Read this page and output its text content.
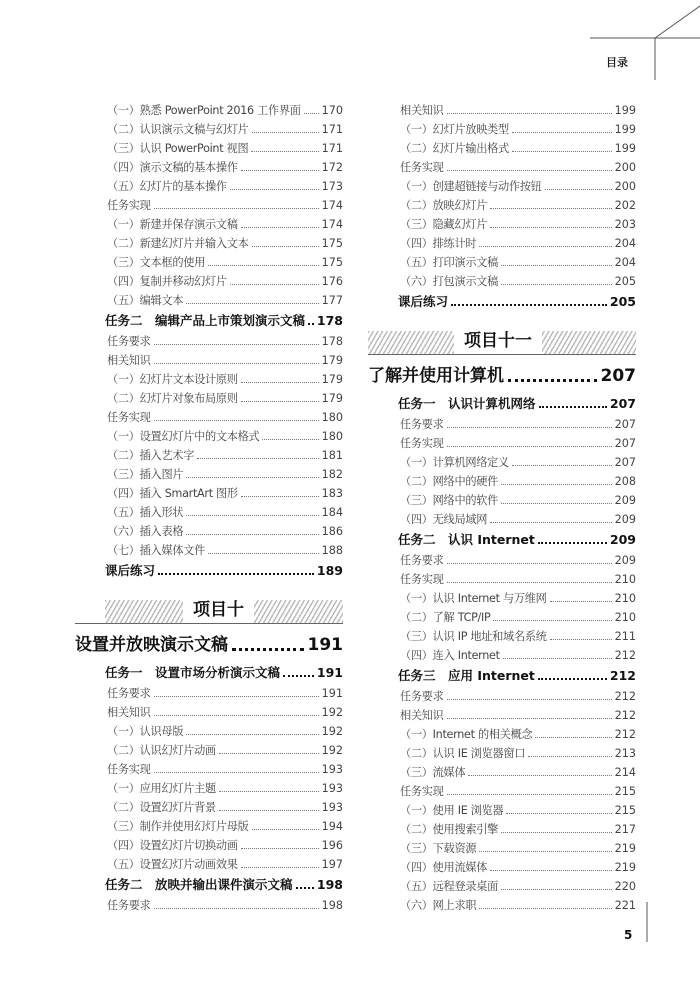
目录
（一）熟悉 PowerPoint 2016 工作界面 170
（二）认识演示文稿与幻灯片	171
（三）认识 PowerPoint 视图	171
（四）演示文稿的基本操作	172
（五）幻灯片的基本操作	173
任务实现	174
（一）新建并保存演示文稿	174
（二）新建幻灯片并输入文本	175
（三）文本框的使用	175
（四）复制并移动幻灯片	176
（五）编辑文本	177
任务二　编辑产品上市策划演示文稿 178
任务要求	178
相关知识	179
（一）幻灯片文本设计原则	179
（二）幻灯片对象布局原则	179
任务实现	180
（一）设置幻灯片中的文本格式	180
（二）插入艺术字	181
（三）插入图片	182
（四）插入 SmartArt 图形	183
（五）插入形状	184
（六）插入表格	186
（七）插入媒体文件	188
课后练习	189
项目十
设置并放映演示文稿	191
任务一　设置市场分析演示文稿	191
任务要求	191
相关知识	192
（一）认识母版	192
（二）认识幻灯片动画	192
任务实现	193
（一）应用幻灯片主题	193
（二）设置幻灯片背景	193
（三）制作并使用幻灯片母版	194
（四）设置幻灯片切换动画	196
（五）设置幻灯片动画效果	197
任务二　放映并输出课件演示文稿 198
任务要求	198
相关知识	199
（一）幻灯片放映类型	199
（二）幻灯片输出格式	199
任务实现	200
（一）创建超链接与动作按钮	200
（二）放映幻灯片	202
（三）隐藏幻灯片	203
（四）排练计时	204
（五）打印演示文稿	204
（六）打包演示文稿	205
课后练习	205
项目十一
了解并使用计算机	207
任务一　认识计算机网络	207
任务要求	207
任务实现	207
（一）计算机网络定义	207
（二）网络中的硬件	208
（三）网络中的软件	209
（四）无线局域网	209
任务二　认识 Internet	209
任务要求	209
任务实现	210
（一）认识 Internet 与万维网	210
（二）了解 TCP/IP	210
（三）认识 IP 地址和域名系统	211
（四）连入 Internet	212
任务三　应用 Internet	212
任务要求	212
相关知识	212
（一）Internet 的相关概念	212
（二）认识 IE 浏览器窗口	213
（三）流媒体	214
任务实现	215
（一）使用 IE 浏览器	215
（二）使用搜索引擎	217
（三）下载资源	219
（四）使用流媒体	219
（五）远程登录桌面	220
（六）网上求职	221
5
